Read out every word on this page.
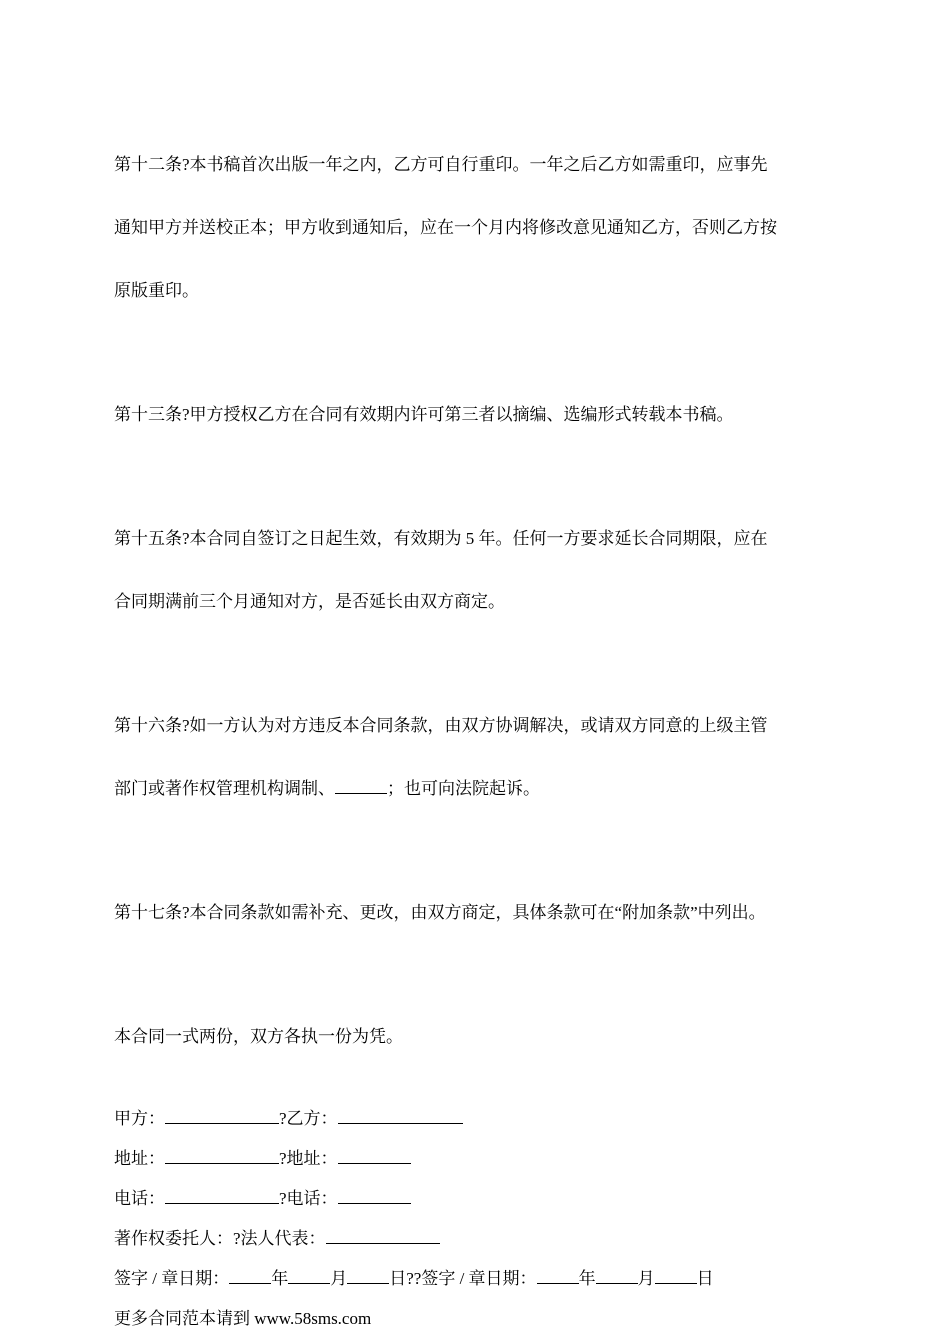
第十二条?本书稿首次出版一年之内，乙方可自行重印。一年之后乙方如需重印，应事先

通知甲方并送校正本；甲方收到通知后，应在一个月内将修改意见通知乙方，否则乙方按

原版重印。

第十三条?甲方授权乙方在合同有效期内许可第三者以摘编、选编形式转载本书稿。

第十五条?本合同自签订之日起生效，有效期为 5 年。任何一方要求延长合同期限，应在

合同期满前三个月通知对方，是否延长由双方商定。

第十六条?如一方认为对方违反本合同条款，由双方协调解决，或请双方同意的上级主管

部门或著作权管理机构调制、	；也可向法院起诉。

第十七条?本合同条款如需补充、更改，由双方商定，具体条款可在“附加条款”中列出。

本合同一式两份，双方各执一份为凭。

甲方：	?乙方：
地址：	?地址：
电话：	?电话：
著作权委托人：?法人代表：
签字 / 章日期： 年 月 日??签字 / 章日期： 年 月 日
更多合同范本请到 www.58sms.com
